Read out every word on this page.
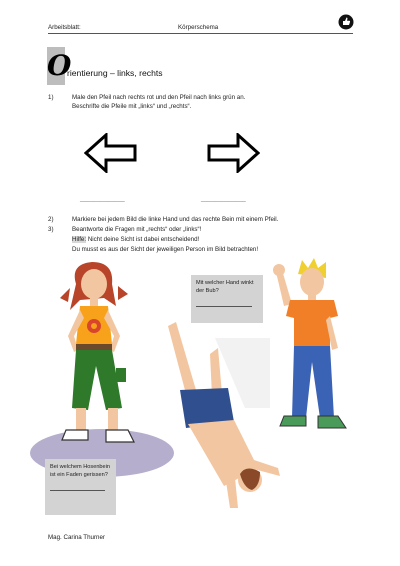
Arbeitsblatt:	Körperschema
O
rientierung – links, rechts
1)	Male den Pfeil nach rechts rot und den Pfeil nach links grün an.
Beschrifte die Pfeile mit „links“ und „rechts“.
_____________	_____________
2)	Markiere bei jedem Bild die linke Hand und das rechte Bein mit einem Pfeil.
3)	Beantworte die Fragen mit „rechts“ oder „links“!
Hilfe: Nicht deine Sicht ist dabei entscheidend!
Du musst es aus der Sicht der jeweiligen Person im Bild betrachten!
Bei welchem Hosenbein ist ein Faden gerissen?
Mit welcher Hand winkt der Bub?
Mag. Carina Thurner
